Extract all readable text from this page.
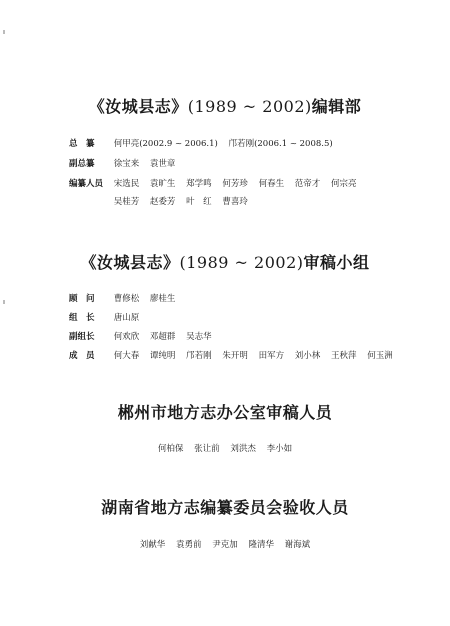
《汝城县志》(1989 ~ 2002)编辑部
总　纂 何甲亮(2002.9 ~ 2006.1) 邝若刚(2006.1 ~ 2008.5)
副总纂 徐宝来 袁世章
编纂人员 宋选民 袁旷生 郑学鸣 何芳珍 何春生 范帝才 何宗亮
吴桂芳 赵委芳 叶　红 曹喜玲
《汝城县志》(1989 ~ 2002)审稿小组
顾　问 曹修松 廖桂生
组　长 唐山原
副组长 何欢欣 邓超群 吴志华
成　员 何大春 谭纯明 邝若刚 朱开明 田军方 刘小林 王秋萍 何玉洲
郴州市地方志办公室审稿人员
何柏保 张让前 刘洪杰 李小如
湖南省地方志编纂委员会验收人员
刘献华 袁勇前 尹克加 隆清华 谢海斌
